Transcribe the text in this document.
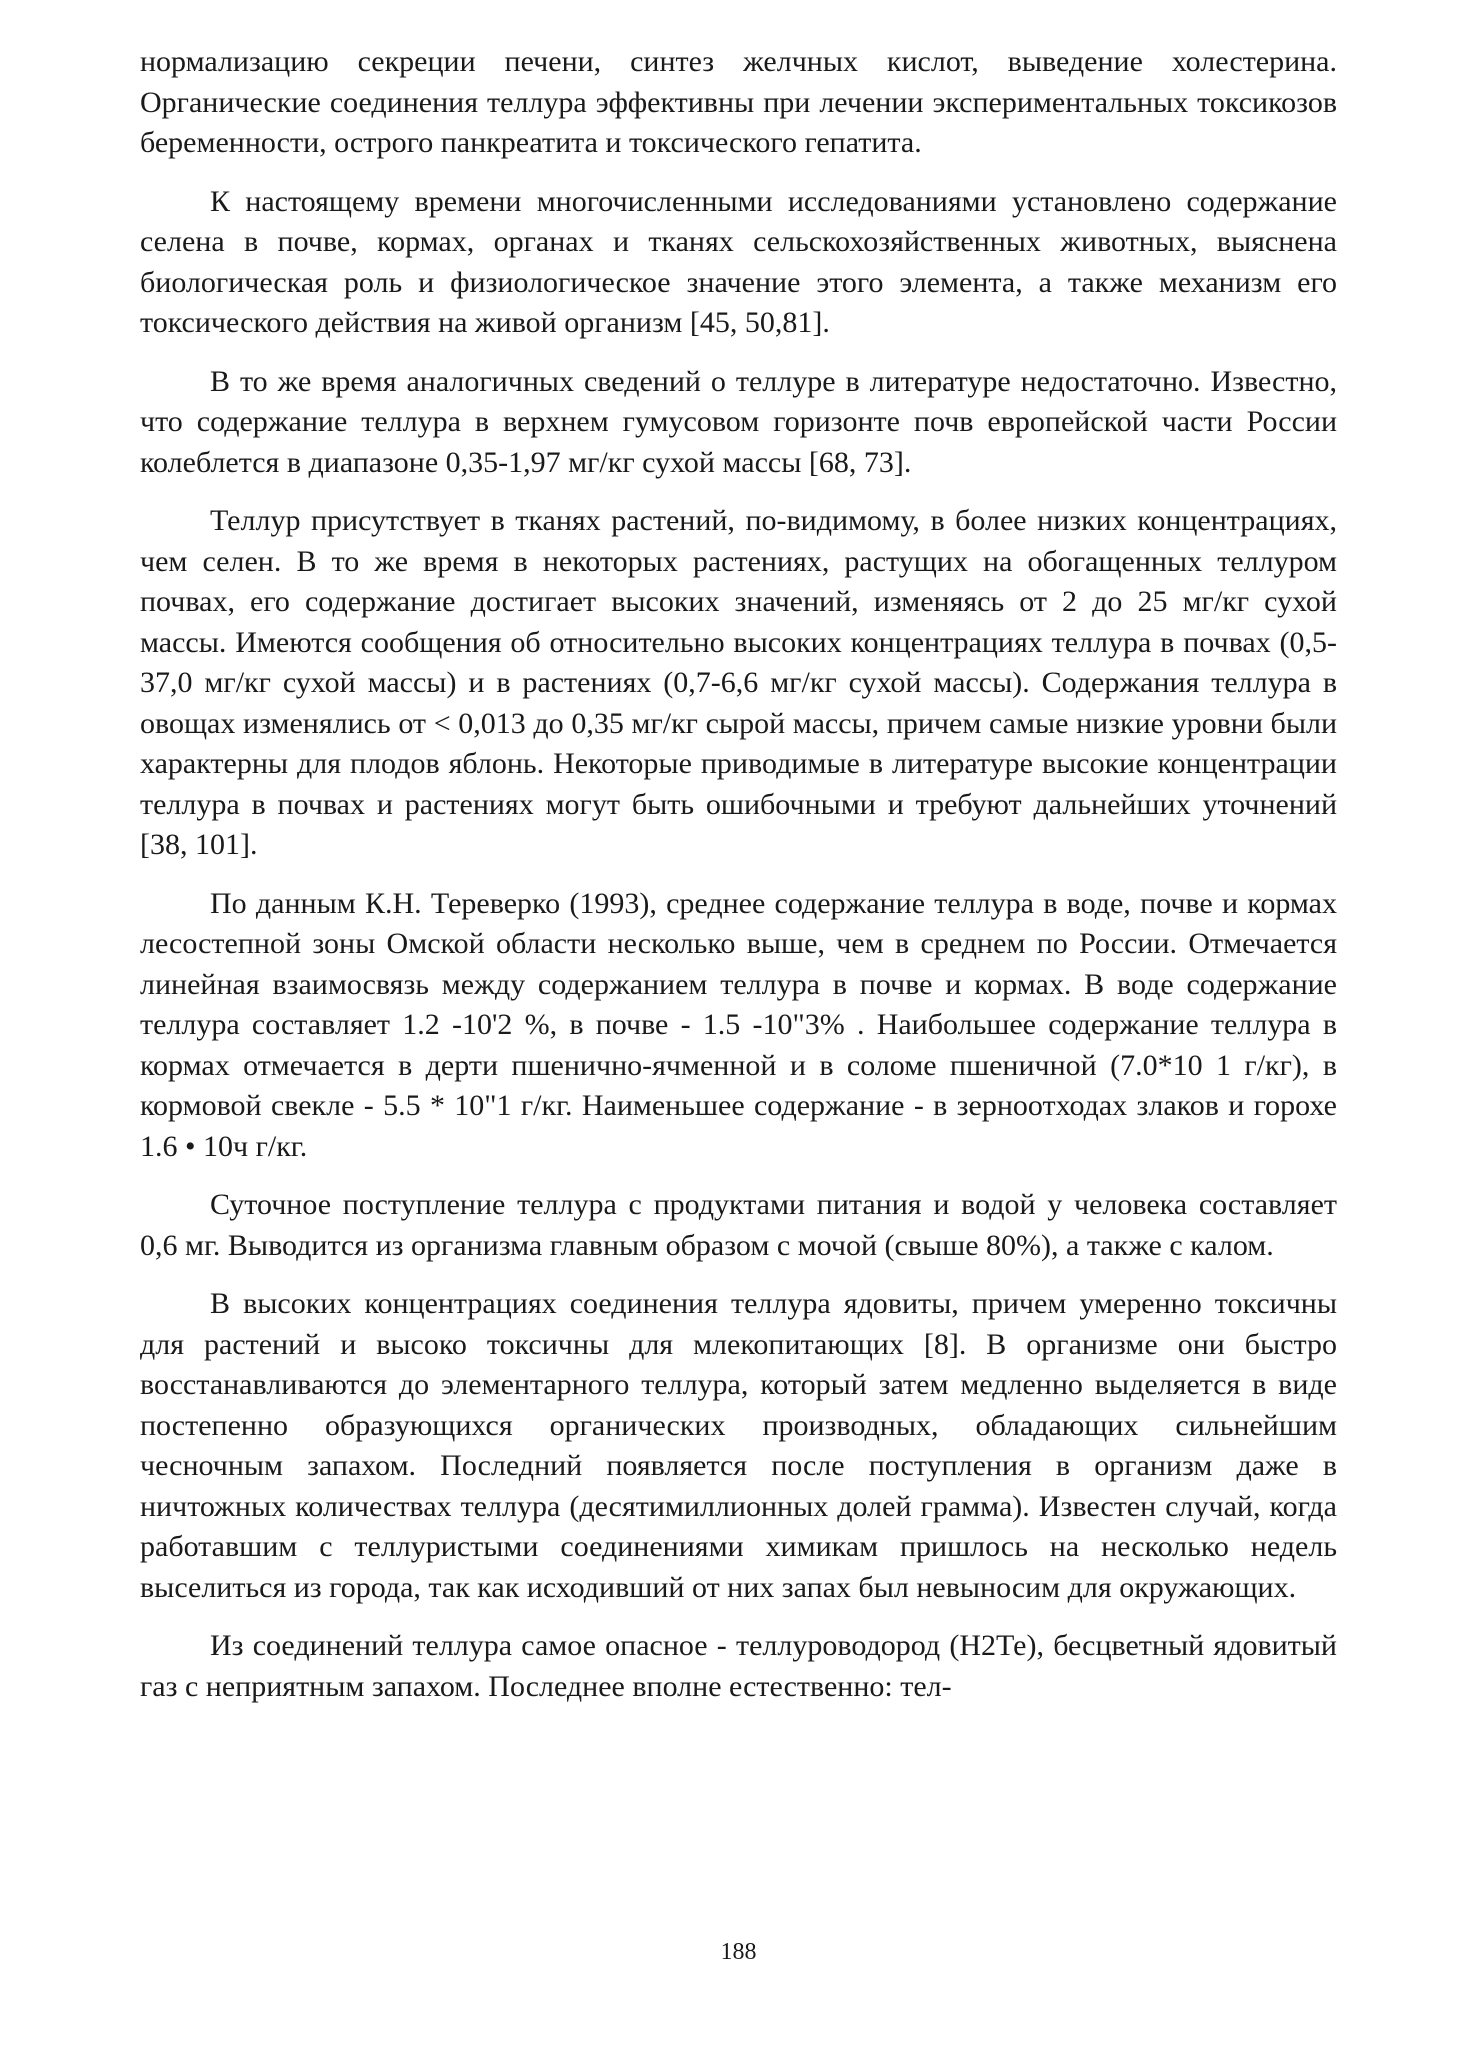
нормализацию секреции печени, синтез желчных кислот, выведение холестерина. Органические соединения теллура эффективны при лечении экспериментальных токсикозов беременности, острого панкреатита и токсического гепатита.

К настоящему времени многочисленными исследованиями установлено содержание селена в почве, кормах, органах и тканях сельскохозяйственных животных, выяснена биологическая роль и физиологическое значение этого элемента, а также механизм его токсического действия на живой организм [45, 50,81].

В то же время аналогичных сведений о теллуре в литературе недостаточно. Известно, что содержание теллура в верхнем гумусовом горизонте почв европейской части России колеблется в диапазоне 0,35-1,97 мг/кг сухой массы [68, 73].

Теллур присутствует в тканях растений, по-видимому, в более низких концентрациях, чем селен. В то же время в некоторых растениях, растущих на обогащенных теллуром почвах, его содержание достигает высоких значений, изменяясь от 2 до 25 мг/кг сухой массы. Имеются сообщения об относительно высоких концентрациях теллура в почвах (0,5-37,0 мг/кг сухой массы) и в растениях (0,7-6,6 мг/кг сухой массы). Содержания теллура в овощах изменялись от < 0,013 до 0,35 мг/кг сырой массы, причем самые низкие уровни были характерны для плодов яблонь. Некоторые приводимые в литературе высокие концентрации теллура в почвах и растениях могут быть ошибочными и требуют дальнейших уточнений [38, 101].

По данным К.Н. Тереверко (1993), среднее содержание теллура в воде, почве и кормах лесостепной зоны Омской области несколько выше, чем в среднем по России. Отмечается линейная взаимосвязь между содержанием теллура в почве и кормах. В воде содержание теллура составляет 1.2 -10'2 %, в почве - 1.5 -10"3% . Наибольшее содержание теллура в кормах отмечается в дерти пшенично-ячменной и в соломе пшеничной (7.0*10 1 г/кг), в кормовой свекле - 5.5 * 10"1 г/кг. Наименьшее содержание - в зерноотходах злаков и горохе 1.6 • 10ч г/кг.

Суточное поступление теллура с продуктами питания и водой у человека составляет 0,6 мг. Выводится из организма главным образом с мочой (свыше 80%), а также с калом.

В высоких концентрациях соединения теллура ядовиты, причем умеренно токсичны для растений и высоко токсичны для млекопитающих [8]. В организме они быстро восстанавливаются до элементарного теллура, который затем медленно выделяется в виде постепенно образующихся органических производных, обладающих сильнейшим чесночным запахом. Последний появляется после поступления в организм даже в ничтожных количествах теллура (десятимиллионных долей грамма). Известен случай, когда работавшим с теллуристыми соединениями химикам пришлось на несколько недель выселиться из города, так как исходивший от них запах был невыносим для окружающих.

Из соединений теллура самое опасное - теллуроводород (Н2Те), бесцветный ядовитый газ с неприятным запахом. Последнее вполне естественно: тел-

188
